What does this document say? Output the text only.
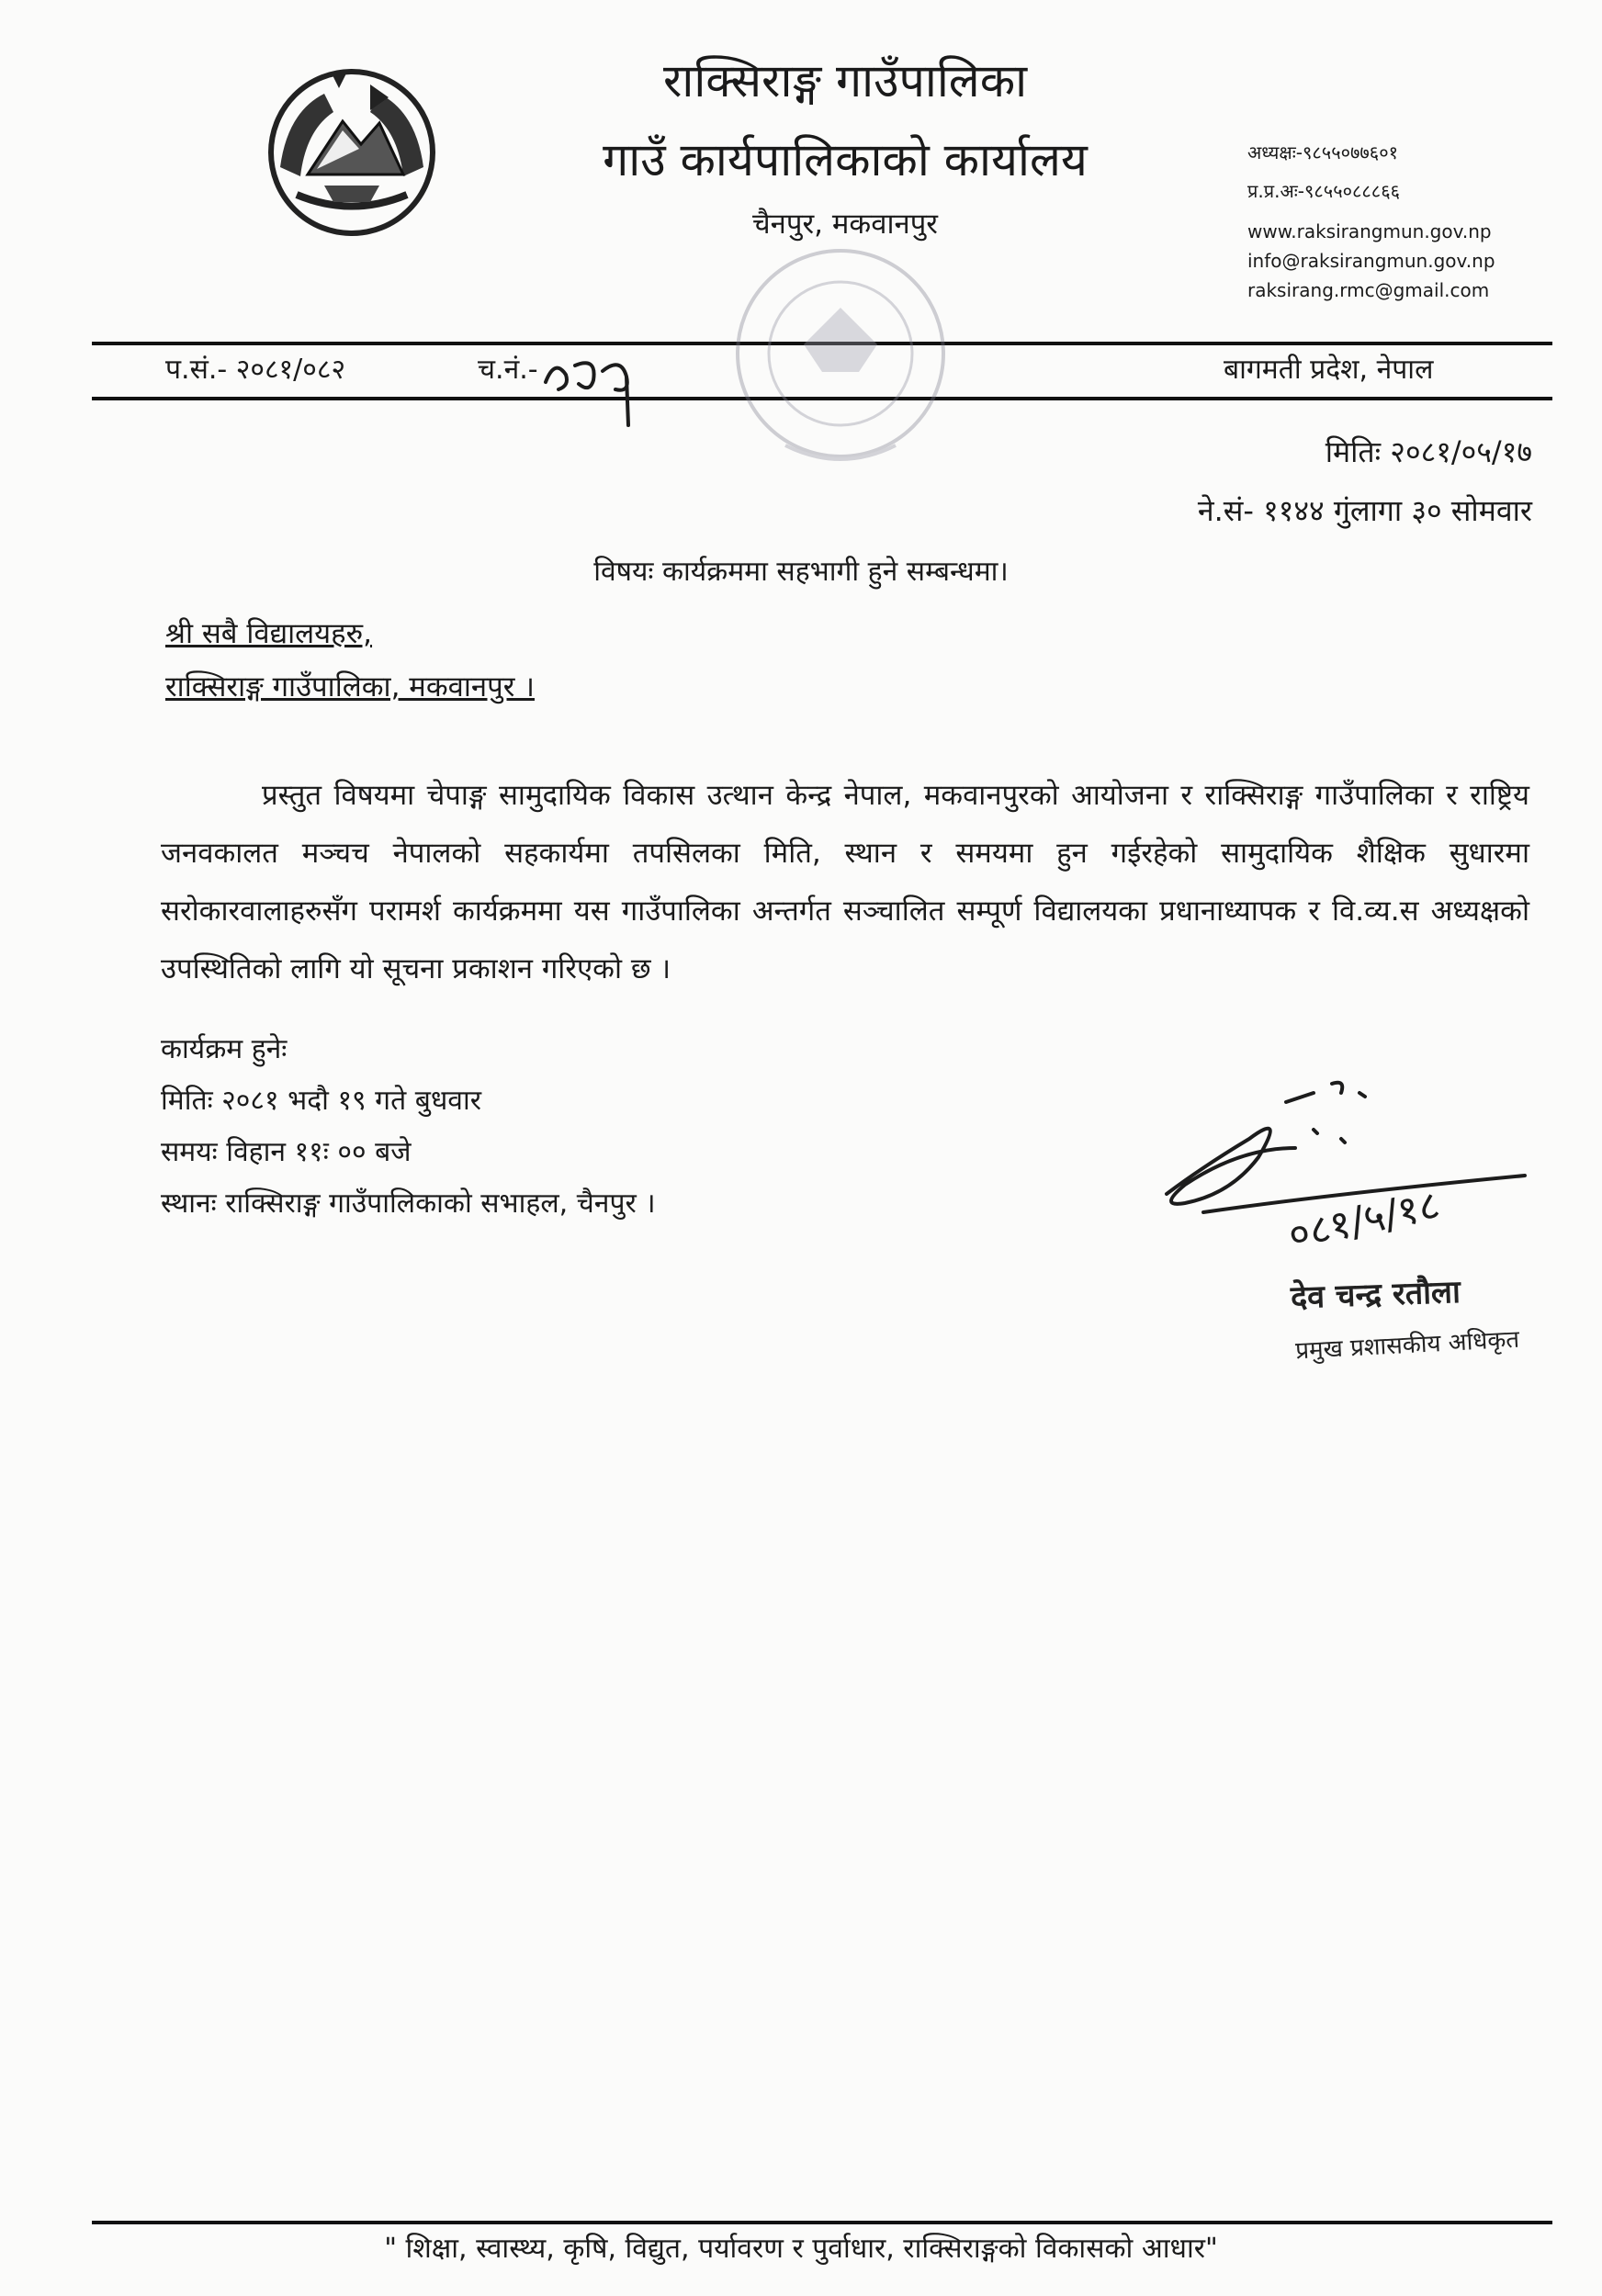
राक्सिराङ्ग गाउँपालिका
गाउँ कार्यपालिकाको कार्यालय
चैनपुर, मकवानपुर
अध्यक्षः-९८५५०७७६०१
प्र.प्र.अः-९८५५०८८८६६
www.raksirangmun.gov.np
info@raksirangmun.gov.np
raksirang.rmc@gmail.com
प.सं.- २०८१/०८२	च.नं.-	बागमती प्रदेश, नेपाल
मितिः २०८१/०५/१७
ने.सं- ११४४ गुंलागा ३० सोमवार
विषयः कार्यक्रममा सहभागी हुने सम्बन्धमा।
श्री सबै विद्यालयहरु,
राक्सिराङ्ग गाउँपालिका, मकवानपुर ।
प्रस्तुत विषयमा चेपाङ्ग सामुदायिक विकास उत्थान केन्द्र नेपाल, मकवानपुरको आयोजना र राक्सिराङ्ग गाउँपालिका र राष्ट्रिय जनवकालत मञ्चच नेपालको सहकार्यमा तपसिलका मिति, स्थान र समयमा हुन गईरहेको सामुदायिक शैक्षिक सुधारमा सरोकारवालाहरुसँग परामर्श कार्यक्रममा यस गाउँपालिका अन्तर्गत सञ्चालित सम्पूर्ण विद्यालयका प्रधानाध्यापक र वि.व्य.स अध्यक्षको उपस्थितिको लागि यो सूचना प्रकाशन गरिएको छ ।
कार्यक्रम हुनेः
मितिः २०८१ भदौ १९ गते बुधवार
समयः विहान ११ः ०० बजे
स्थानः राक्सिराङ्ग गाउँपालिकाको सभाहल, चैनपुर ।	०८१/५/१८
देव चन्द्र रतौला
प्रमुख प्रशासकीय अधिकृत
" शिक्षा, स्वास्थ्य, कृषि, विद्युत, पर्यावरण र पुर्वाधार, राक्सिराङ्गको विकासको आधार"
